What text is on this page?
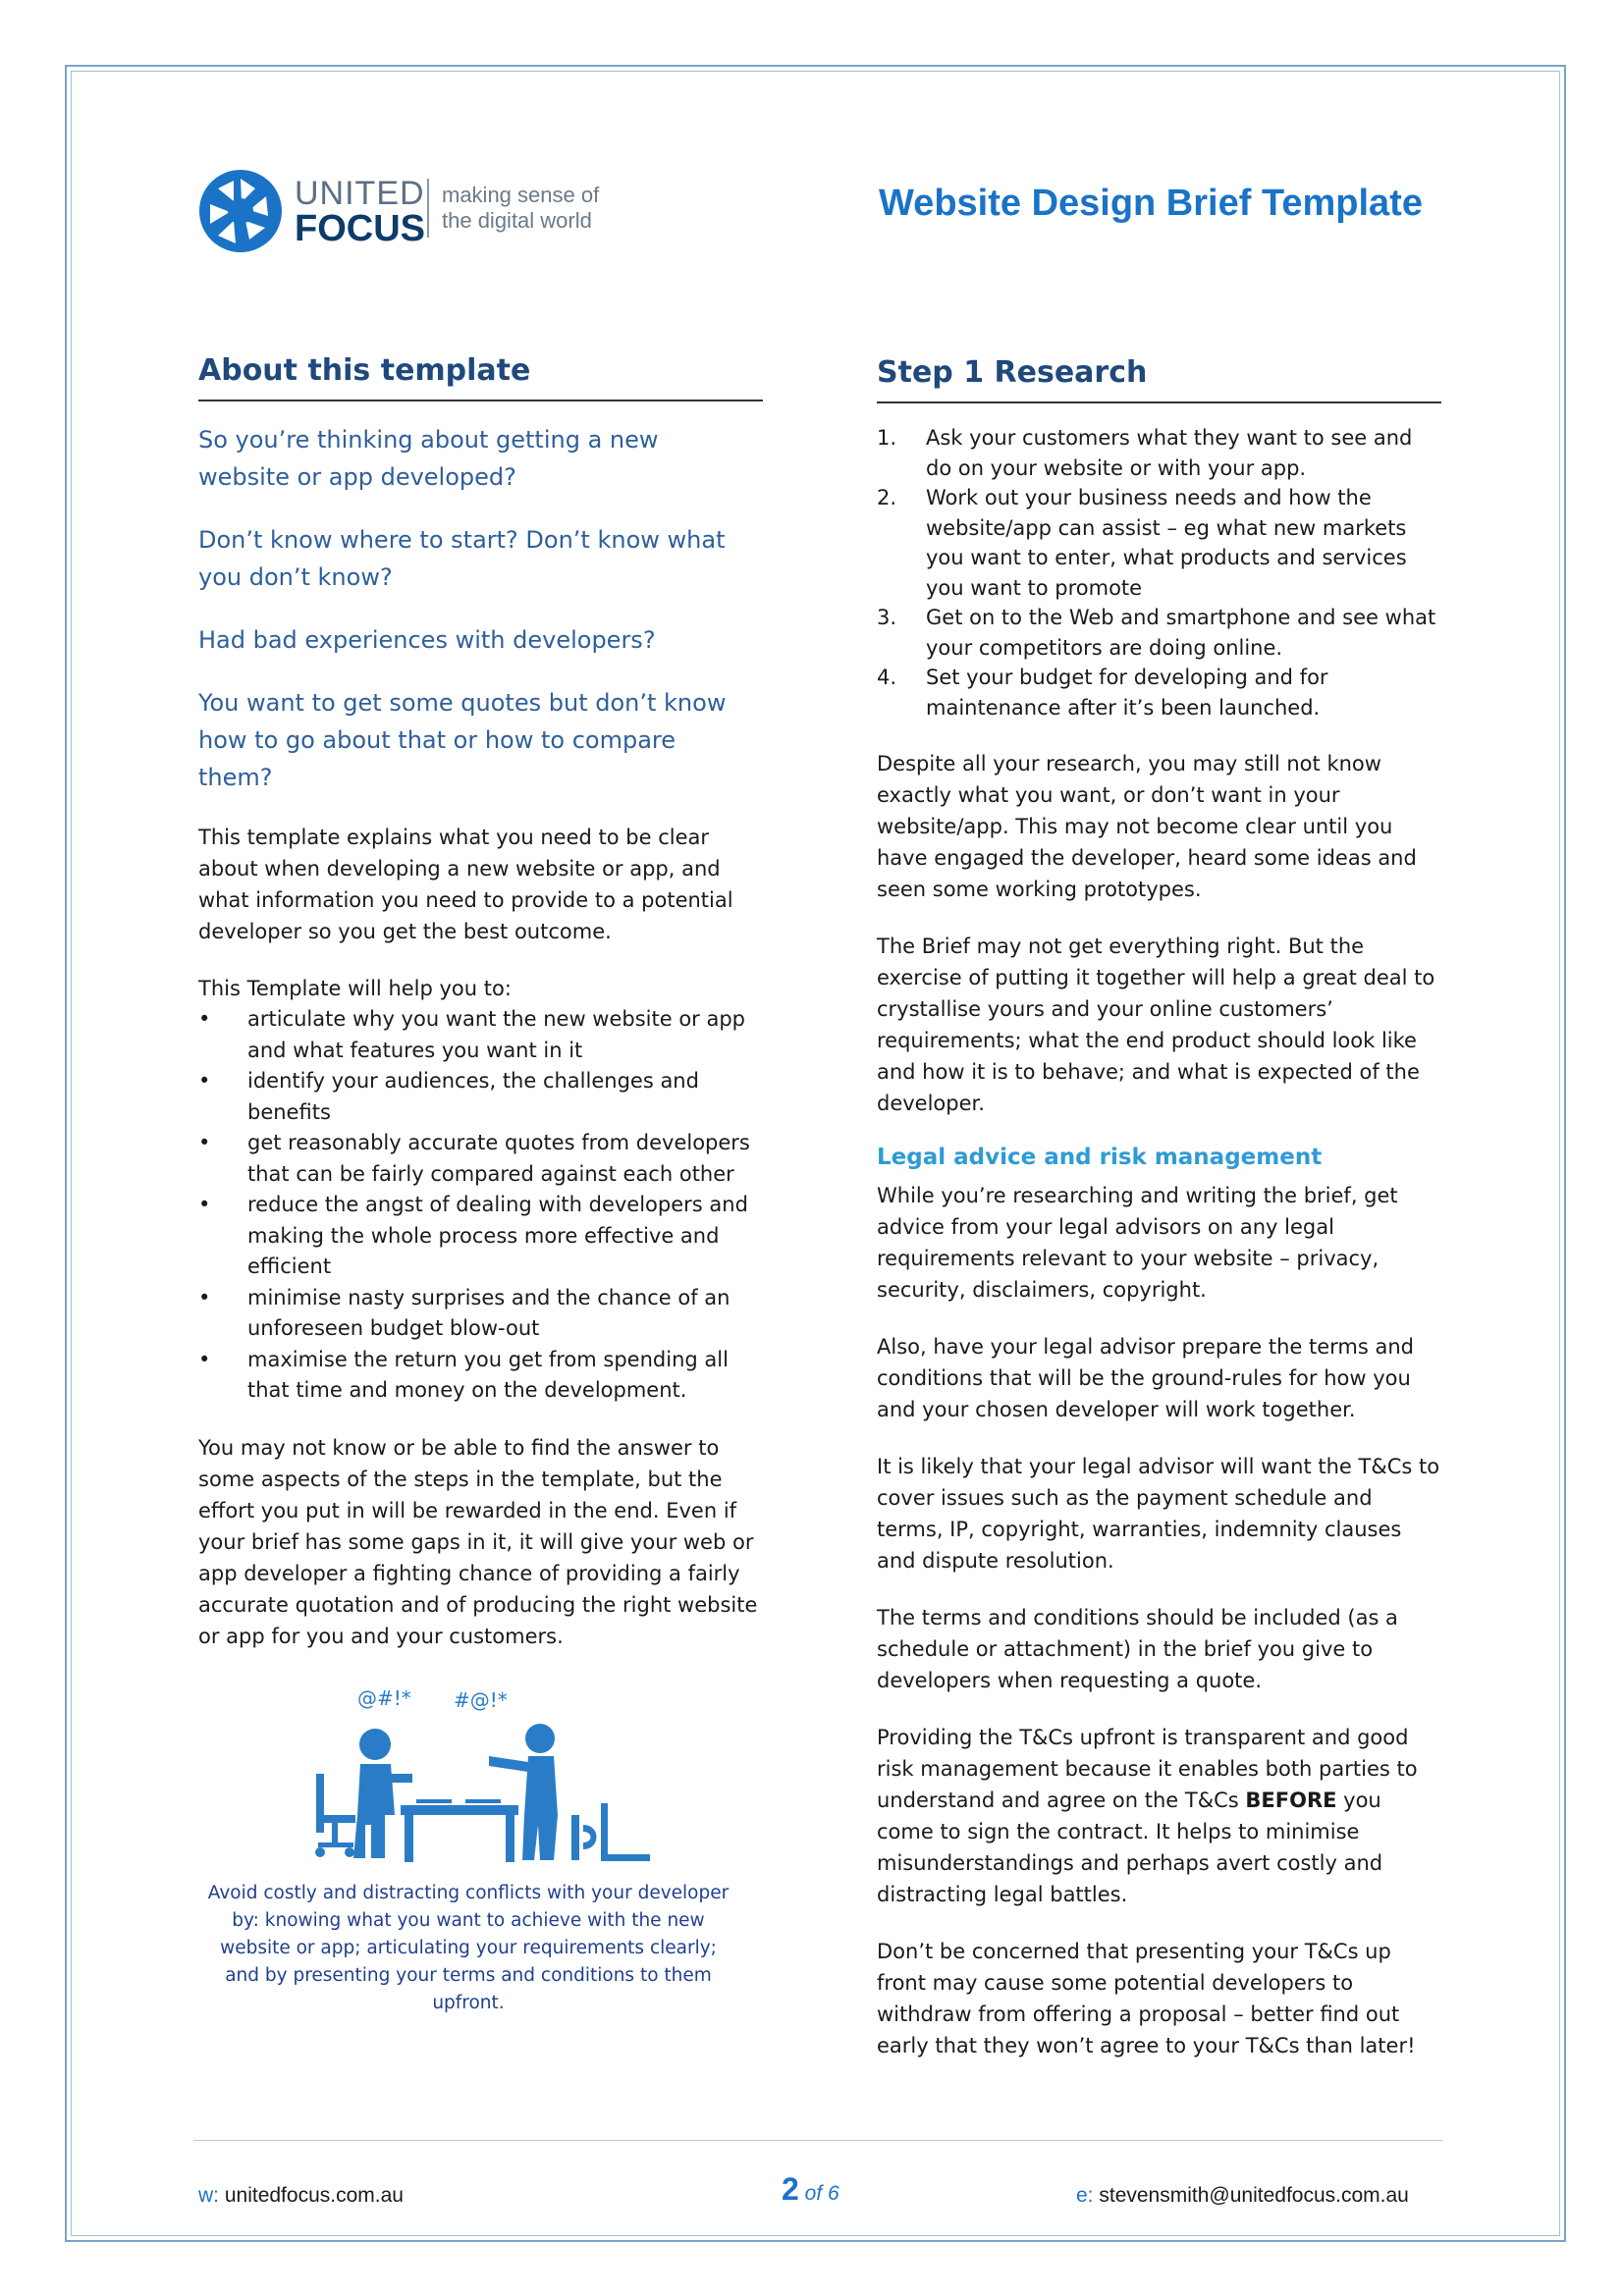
UNITED
FOCUS
making sense of
the digital world	Website Design Brief Template
About this template

So you’re thinking about getting a new website or app developed?

Don’t know where to start? Don’t know what you don’t know?

Had bad experiences with developers?

You want to get some quotes but don’t know how to go about that or how to compare them?

This template explains what you need to be clear about when developing a new website or app, and what information you need to provide to a potential developer so you get the best outcome.

This Template will help you to:

• articulate why you want the new website or app and what features you want in it
• identify your audiences, the challenges and benefits
• get reasonably accurate quotes from developers that can be fairly compared against each other
• reduce the angst of dealing with developers and making the whole process more effective and efficient
• minimise nasty surprises and the chance of an unforeseen budget blow-out
• maximise the return you get from spending all that time and money on the development.

You may not know or be able to find the answer to some aspects of the steps in the template, but the effort you put in will be rewarded in the end. Even if your brief has some gaps in it, it will give your web or app developer a fighting chance of providing a fairly accurate quotation and of producing the right website or app for you and your customers.

@#!* #@!*
Avoid costly and distracting conflicts with your developer by: knowing what you want to achieve with the new website or app; articulating your requirements clearly; and by presenting your terms and conditions to them upfront.
Step 1 Research
1. Ask your customers what they want to see and do on your website or with your app.
2. Work out your business needs and how the website/app can assist – eg what new markets you want to enter, what products and services you want to promote
3. Get on to the Web and smartphone and see what your competitors are doing online.
4. Set your budget for developing and for maintenance after it’s been launched.

Despite all your research, you may still not know exactly what you want, or don’t want in your website/app. This may not become clear until you have engaged the developer, heard some ideas and seen some working prototypes.

The Brief may not get everything right. But the exercise of putting it together will help a great deal to crystallise yours and your online customers’ requirements; what the end product should look like and how it is to behave; and what is expected of the developer.

Legal advice and risk management

While you’re researching and writing the brief, get advice from your legal advisors on any legal requirements relevant to your website – privacy, security, disclaimers, copyright.

Also, have your legal advisor prepare the terms and conditions that will be the ground-rules for how you and your chosen developer will work together.

It is likely that your legal advisor will want the T&Cs to cover issues such as the payment schedule and terms, IP, copyright, warranties, indemnity clauses and dispute resolution.

The terms and conditions should be included (as a schedule or attachment) in the brief you give to developers when requesting a quote.

Providing the T&Cs upfront is transparent and good risk management because it enables both parties to understand and agree on the T&Cs BEFORE you come to sign the contract. It helps to minimise misunderstandings and perhaps avert costly and distracting legal battles.

Don’t be concerned that presenting your T&Cs up front may cause some potential developers to withdraw from offering a proposal – better find out early that they won’t agree to your T&Cs than later!

w: unitedfocus.com.au	2 of 6	e: stevensmith@unitedfocus.com.au
